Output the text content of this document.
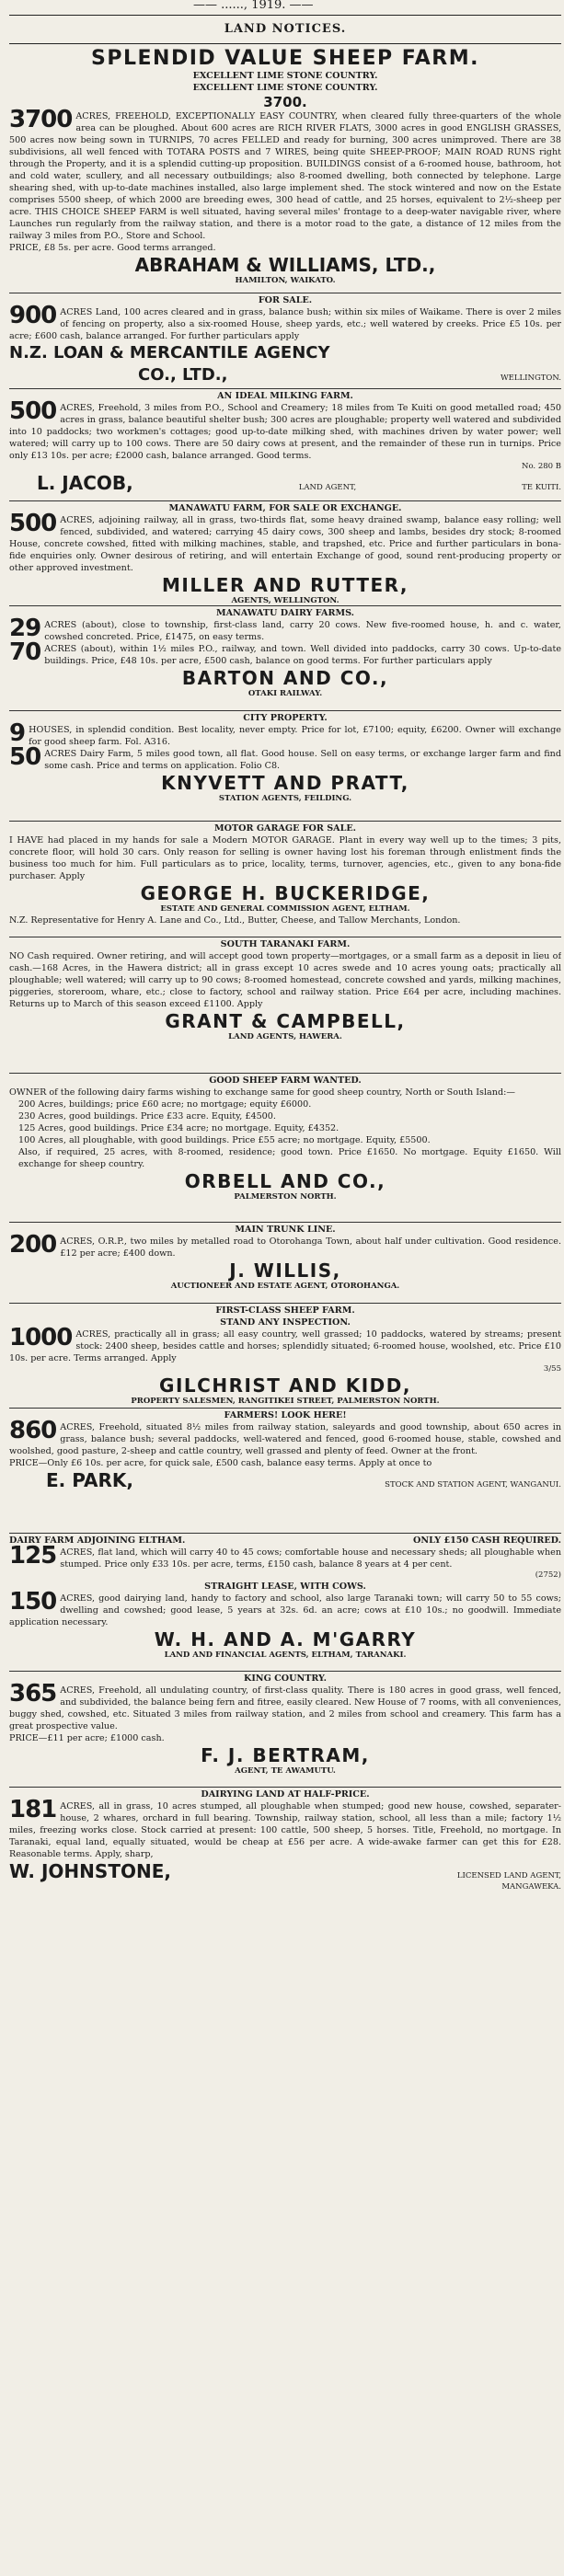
—— ......, 1919. ——
LAND NOTICES.
SPLENDID VALUE SHEEP FARM.
EXCELLENT LIME STONE COUNTRY.
EXCELLENT LIME STONE COUNTRY.
3700.

3700 ACRES, FREEHOLD, EXCEPTIONALLY EASY COUNTRY, when cleared fully three-quarters of the whole area can be ploughed. About 600 acres are RICH RIVER FLATS, 3000 acres in good ENGLISH GRASSES, 500 acres now being sown in TURNIPS, 70 acres FELLED and ready for burning, 300 acres unimproved. There are 38 subdivisions, all well fenced with TOTARA POSTS and 7 WIRES, being quite SHEEP-PROOF; MAIN ROAD RUNS right through the Property, and it is a splendid cutting-up proposition. BUILDINGS consist of a 6-roomed house, bathroom, hot and cold water, scullery, and all necessary outbuildings; also 8-roomed dwelling, both connected by telephone. Large shearing shed, with up-to-date machines installed, also large implement shed. The stock wintered and now on the Estate comprises 5500 sheep, of which 2000 are breeding ewes, 300 head of cattle, and 25 horses, equivalent to 2½-sheep per acre. THIS CHOICE SHEEP FARM is well situated, having several miles' frontage to a deep-water navigable river, where Launches run regularly from the railway station, and there is a motor road to the gate, a distance of 12 miles from the railway 3 miles from P.O., Store and School.

PRICE, £8 5s. per acre. Good terms arranged.

ABRAHAM & WILLIAMS, LTD.,
HAMILTON, WAIKATO.
FOR SALE.

900 ACRES Land, 100 acres cleared and in grass, balance bush; within six miles of Waikame. There is over 2 miles of fencing on property, also a six-roomed House, sheep yards, etc.; well watered by creeks. Price £5 10s. per acre; £600 cash, balance arranged. For further particulars apply

N.Z. LOAN & MERCANTILE AGENCY
CO., LTD.,	WELLINGTON.
AN IDEAL MILKING FARM.

500 ACRES, Freehold, 3 miles from P.O., School and Creamery; 18 miles from Te Kuiti on good metalled road; 450 acres in grass, balance beautiful shelter bush; 300 acres are ploughable; property well watered and subdivided into 10 paddocks; two workmen's cottages; good up-to-date milking shed, with machines driven by water power; well watered; will carry up to 100 cows. There are 50 dairy cows at present, and the remainder of these run in turnips. Price only £13 10s. per acre; £2000 cash, balance arranged. Good terms.

No. 280 B
L. JACOB,	LAND AGENT,	TE KUITI.
MANAWATU FARM, FOR SALE OR EXCHANGE.

500 ACRES, adjoining railway, all in grass, two-thirds flat, some heavy drained swamp, balance easy rolling; well fenced, subdivided, and watered; carrying 45 dairy cows, 300 sheep and lambs, besides dry stock; 8-roomed House, concrete cowshed, fitted with milking machines, stable, and trapshed, etc. Price and further particulars in bona-fide enquiries only. Owner desirous of retiring, and will entertain Exchange of good, sound rent-producing property or other approved investment.

MILLER AND RUTTER,
AGENTS, WELLINGTON.
MANAWATU DAIRY FARMS.

29 ACRES (about), close to township, first-class land, carry 20 cows. New five-roomed house, h. and c. water, cowshed concreted. Price, £1475, on easy terms.

70 ACRES (about), within 1½ miles P.O., railway, and town. Well divided into paddocks, carry 30 cows. Up-to-date buildings. Price, £48 10s. per acre, £500 cash, balance on good terms. For further particulars apply

BARTON AND CO.,
OTAKI RAILWAY.
CITY PROPERTY.

9 HOUSES, in splendid condition. Best locality, never empty. Price for lot, £7100; equity, £6200. Owner will exchange for good sheep farm. Fol. A316.

50 ACRES Dairy Farm, 5 miles good town, all flat. Good house. Sell on easy terms, or exchange larger farm and find some cash. Price and terms on application. Folio C8.

KNYVETT AND PRATT,
STATION AGENTS, FEILDING.
MOTOR GARAGE FOR SALE.

I HAVE had placed in my hands for sale a Modern MOTOR GARAGE. Plant in every way well up to the times; 3 pits, concrete floor, will hold 30 cars. Only reason for selling is owner having lost his foreman through enlistment finds the business too much for him. Full particulars as to price, locality, terms, turnover, agencies, etc., given to any bona-fide purchaser. Apply

GEORGE H. BUCKERIDGE,
ESTATE AND GENERAL COMMISSION AGENT, ELTHAM.

N.Z. Representative for Henry A. Lane and Co., Ltd., Butter, Cheese, and Tallow Merchants, London.

SOUTH TARANAKI FARM.

NO Cash required. Owner retiring, and will accept good town property—mortgages, or a small farm as a deposit in lieu of cash.—168 Acres, in the Hawera district; all in grass except 10 acres swede and 10 acres young oats; practically all ploughable; well watered; will carry up to 90 cows; 8-roomed homestead, concrete cowshed and yards, milking machines, piggeries, storeroom, whare, etc.; close to factory, school and railway station. Price £64 per acre, including machines. Returns up to March of this season exceed £1100. Apply

GRANT & CAMPBELL,
LAND AGENTS, HAWERA.
GOOD SHEEP FARM WANTED.

OWNER of the following dairy farms wishing to exchange same for good sheep country, North or South Island:—

200 Acres, buildings; price £60 acre; no mortgage; equity £6000.

230 Acres, good buildings. Price £33 acre. Equity, £4500.

125 Acres, good buildings. Price £34 acre; no mortgage. Equity, £4352.

100 Acres, all ploughable, with good buildings. Price £55 acre; no mortgage. Equity, £5500.

Also, if required, 25 acres, with 8-roomed, residence; good town. Price £1650. No mortgage. Equity £1650. Will exchange for sheep country.

ORBELL AND CO.,
PALMERSTON NORTH.
MAIN TRUNK LINE.

200 ACRES, O.R.P., two miles by metalled road to Otorohanga Town, about half under cultivation. Good residence. £12 per acre; £400 down.

J. WILLIS,
AUCTIONEER AND ESTATE AGENT, OTOROHANGA.
FIRST-CLASS SHEEP FARM.
STAND ANY INSPECTION.

1000 ACRES, practically all in grass; all easy country, well grassed; 10 paddocks, watered by streams; present stock: 2400 sheep, besides cattle and horses; splendidly situated; 6-roomed house, woolshed, etc. Price £10 10s. per acre. Terms arranged. Apply

3/55
GILCHRIST AND KIDD,
PROPERTY SALESMEN, RANGITIKEI STREET, PALMERSTON NORTH.
FARMERS! LOOK HERE!

860 ACRES, Freehold, situated 8½ miles from railway station, saleyards and good township, about 650 acres in grass, balance bush; several paddocks, well-watered and fenced, good 6-roomed house, stable, cowshed and woolshed, good pasture, 2-sheep and cattle country, well grassed and plenty of feed. Owner at the front.

PRICE—Only £6 10s. per acre, for quick sale, £500 cash, balance easy terms. Apply at once to

E. PARK,	STOCK AND STATION AGENT, WANGANUI.
DAIRY FARM ADJOINING ELTHAM.	ONLY £150 CASH REQUIRED.

125 ACRES, flat land, which will carry 40 to 45 cows; comfortable house and necessary sheds; all ploughable when stumped. Price only £33 10s. per acre, terms, £150 cash, balance 8 years at 4 per cent.

(2752)
STRAIGHT LEASE, WITH COWS.

150 ACRES, good dairying land, handy to factory and school, also large Taranaki town; will carry 50 to 55 cows; dwelling and cowshed; good lease, 5 years at 32s. 6d. an acre; cows at £10 10s.; no goodwill. Immediate application necessary.

W. H. AND A. M'GARRY
LAND AND FINANCIAL AGENTS, ELTHAM, TARANAKI.
KING COUNTRY.

365 ACRES, Freehold, all undulating country, of first-class quality. There is 180 acres in good grass, well fenced, and subdivided, the balance being fern and fitree, easily cleared. New House of 7 rooms, with all conveniences, buggy shed, cowshed, etc. Situated 3 miles from railway station, and 2 miles from school and creamery. This farm has a great prospective value.

PRICE—£11 per acre; £1000 cash.

F. J. BERTRAM,
AGENT, TE AWAMUTU.
DAIRYING LAND AT HALF-PRICE.

181 ACRES, all in grass, 10 acres stumped, all ploughable when stumped; good new house, cowshed, separater-house, 2 whares, orchard in full bearing. Township, railway station, school, all less than a mile; factory 1½ miles, freezing works close. Stock carried at present: 100 cattle, 500 sheep, 5 horses. Title, Freehold, no mortgage. In Taranaki, equal land, equally situated, would be cheap at £56 per acre. A wide-awake farmer can get this for £28. Reasonable terms. Apply, sharp,

W. JOHNSTONE,	LICENSED LAND AGENT,
MANGAWEKA.
